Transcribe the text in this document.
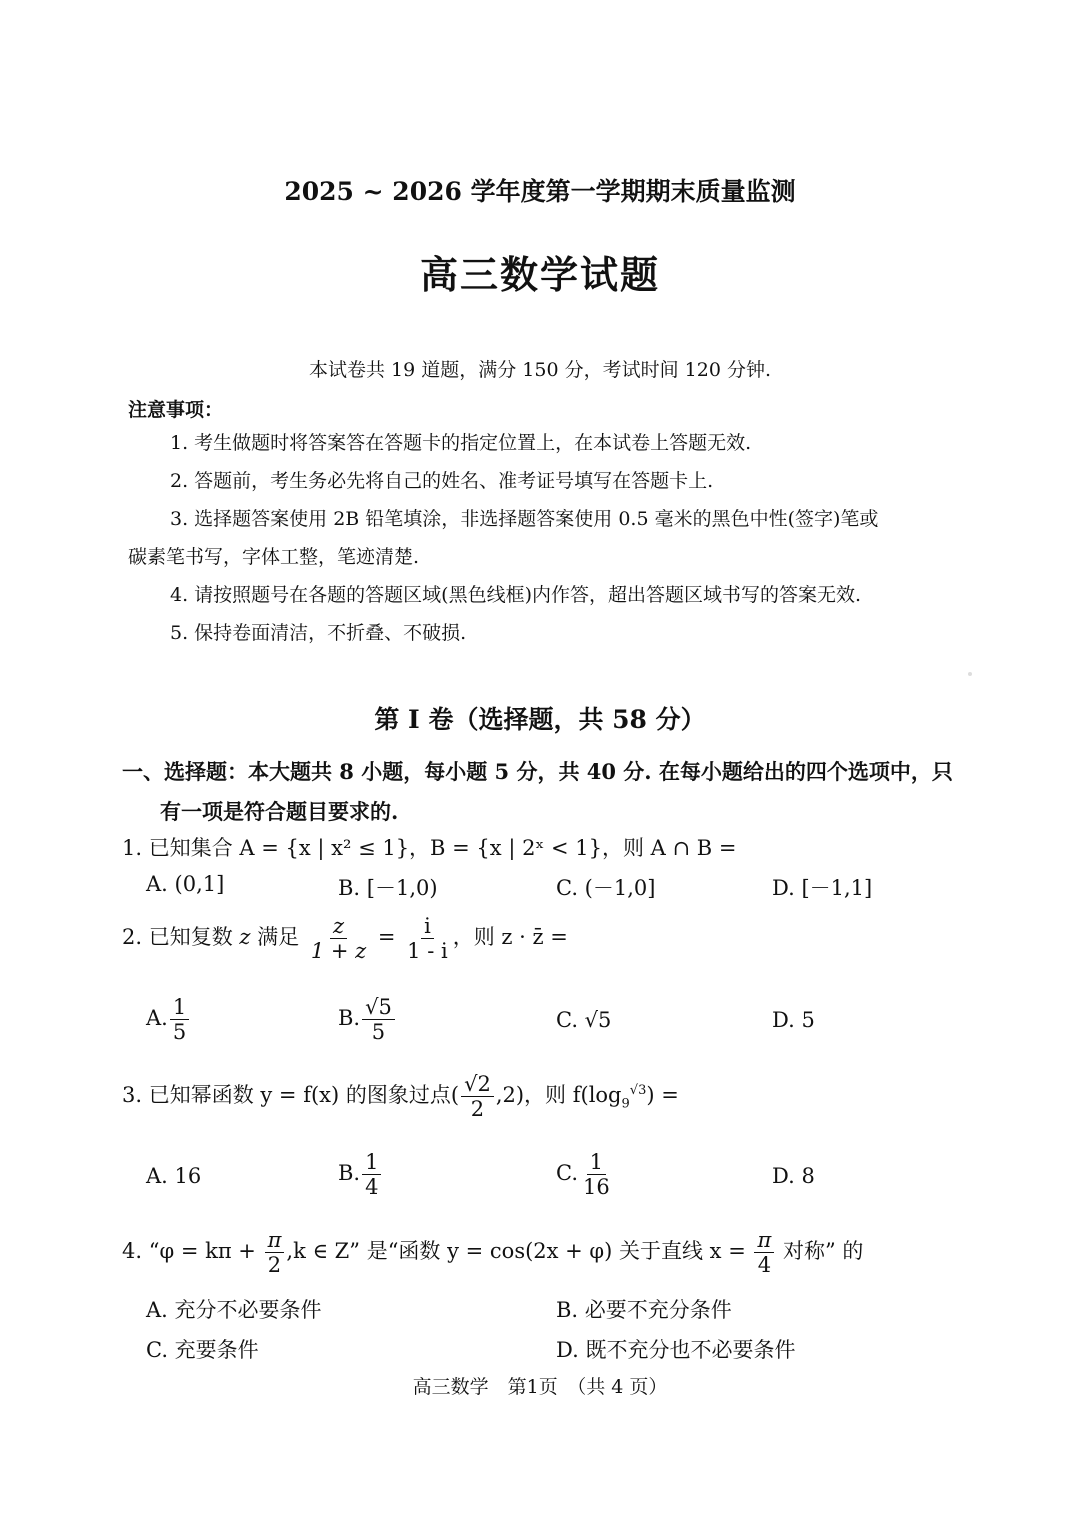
2025 ~ 2026 学年度第一学期期末质量监测
高三数学试题
本试卷共 19 道题，满分 150 分，考试时间 120 分钟.
注意事项：
1. 考生做题时将答案答在答题卡的指定位置上，在本试卷上答题无效.
2. 答题前，考生务必先将自己的姓名、准考证号填写在答题卡上.
3. 选择题答案使用 2B 铅笔填涂，非选择题答案使用 0.5 毫米的黑色中性(签字)笔或
碳素笔书写，字体工整，笔迹清楚.
4. 请按照题号在各题的答题区域(黑色线框)内作答，超出答题区域书写的答案无效.
5. 保持卷面清洁，不折叠、不破损.
第 Ⅰ 卷（选择题，共 58 分）
一、选择题：本大题共 8 小题，每小题 5 分，共 40 分. 在每小题给出的四个选项中，只
有一项是符合题目要求的.
1. 已知集合 A = {x | x² ≤ 1}，B = {x | 2ˣ < 1}，则 A ∩ B =
A. (0,1]	B. [－1,0)	C. (－1,0]	D. [－1,1]
2. 已知复数 z 满足 $\frac{z}{1 + z} = \frac{i}{1 - i}$ ，则 z · z̄ =
A. $\frac{1}{5}$	B. $\frac{√5}{5}$	C. √5	D. 5
3. 已知幂函数 y = f(x) 的图象过点( $\frac{√2}{2} ,2$)，则 $f(\log_9^{√3})$ =
A. 16	B. $\frac{1}{4}$	C. $\frac{1}{16}$	D. 8
4. “$\varphi = k\pi + \frac{\pi}{2} ,k$ ∈ Z” 是“函数 y = cos(2x + φ) 关于直线 $x = \frac{\pi}{4}$ 对称” 的
A. 充分不必要条件	B. 必要不充分条件
C. 充要条件	D. 既不充分也不必要条件
高三数学　第1页　（共 4 页）
